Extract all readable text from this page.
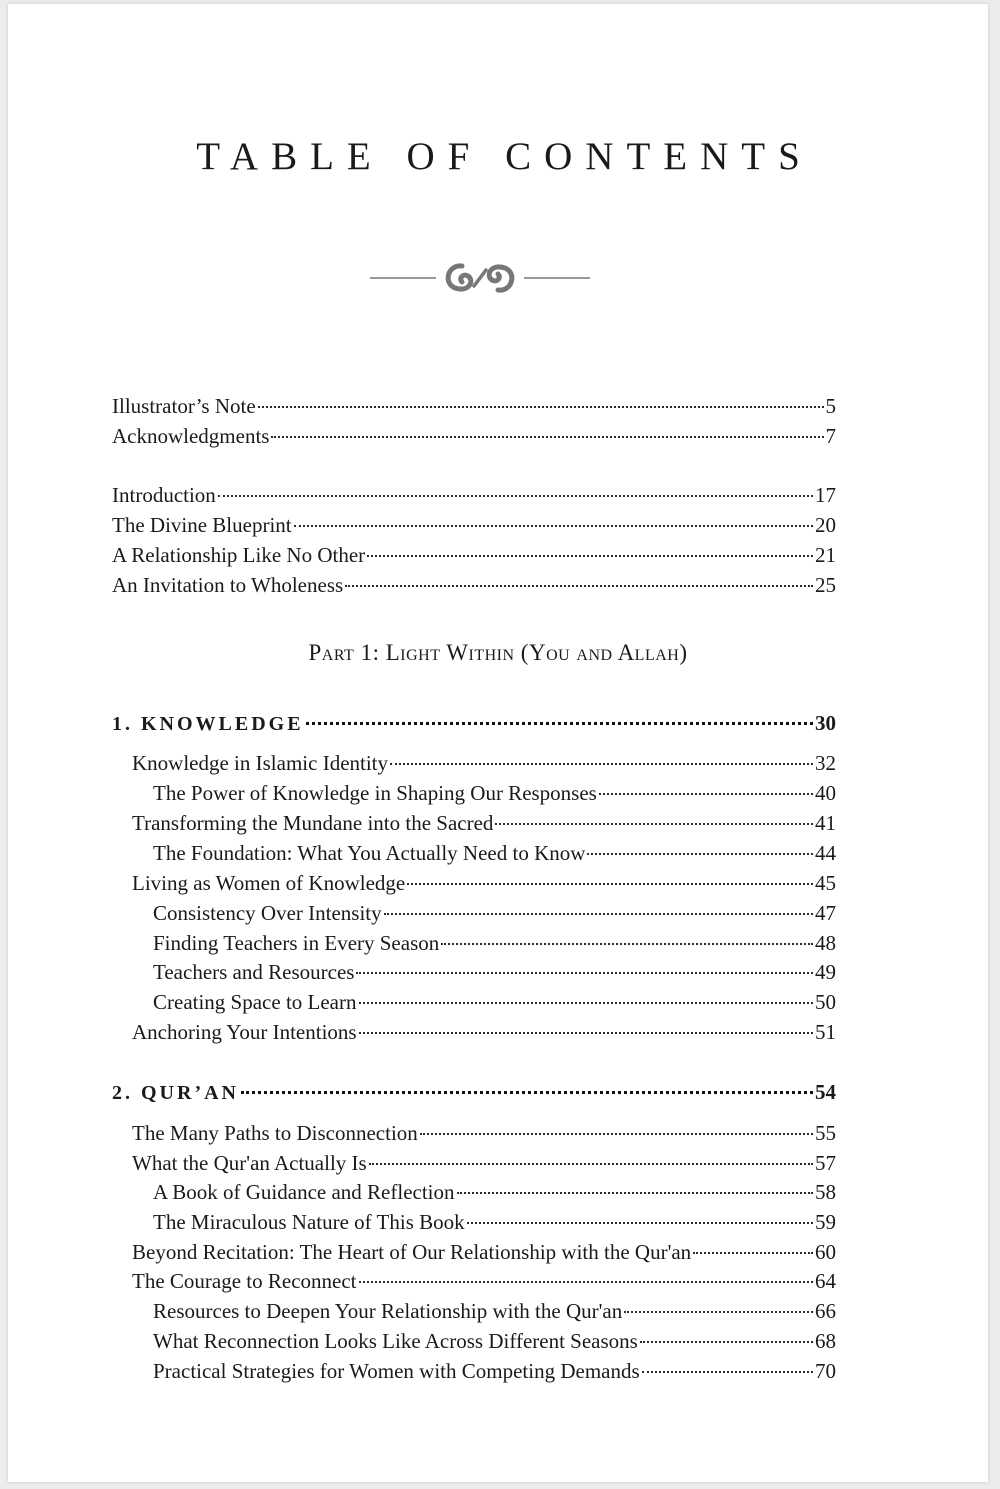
TABLE OF CONTENTS
Illustrator’s Note	5
Acknowledgments	7
Introduction	17
The Divine Blueprint	20
A Relationship Like No Other	21
An Invitation to Wholeness	25
Part 1: Light Within (You and Allah)
1. KNOWLEDGE	30
Knowledge in Islamic Identity	32
The Power of Knowledge in Shaping Our Responses	40
Transforming the Mundane into the Sacred	41
The Foundation: What You Actually Need to Know	44
Living as Women of Knowledge	45
Consistency Over Intensity	47
Finding Teachers in Every Season	48
Teachers and Resources	49
Creating Space to Learn	50
Anchoring Your Intentions	51
2. QUR’AN	54
The Many Paths to Disconnection	55
What the Qur'an Actually Is	57
A Book of Guidance and Reflection	58
The Miraculous Nature of This Book	59
Beyond Recitation: The Heart of Our Relationship with the Qur'an	60
The Courage to Reconnect	64
Resources to Deepen Your Relationship with the Qur'an	66
What Reconnection Looks Like Across Different Seasons	68
Practical Strategies for Women with Competing Demands	70
